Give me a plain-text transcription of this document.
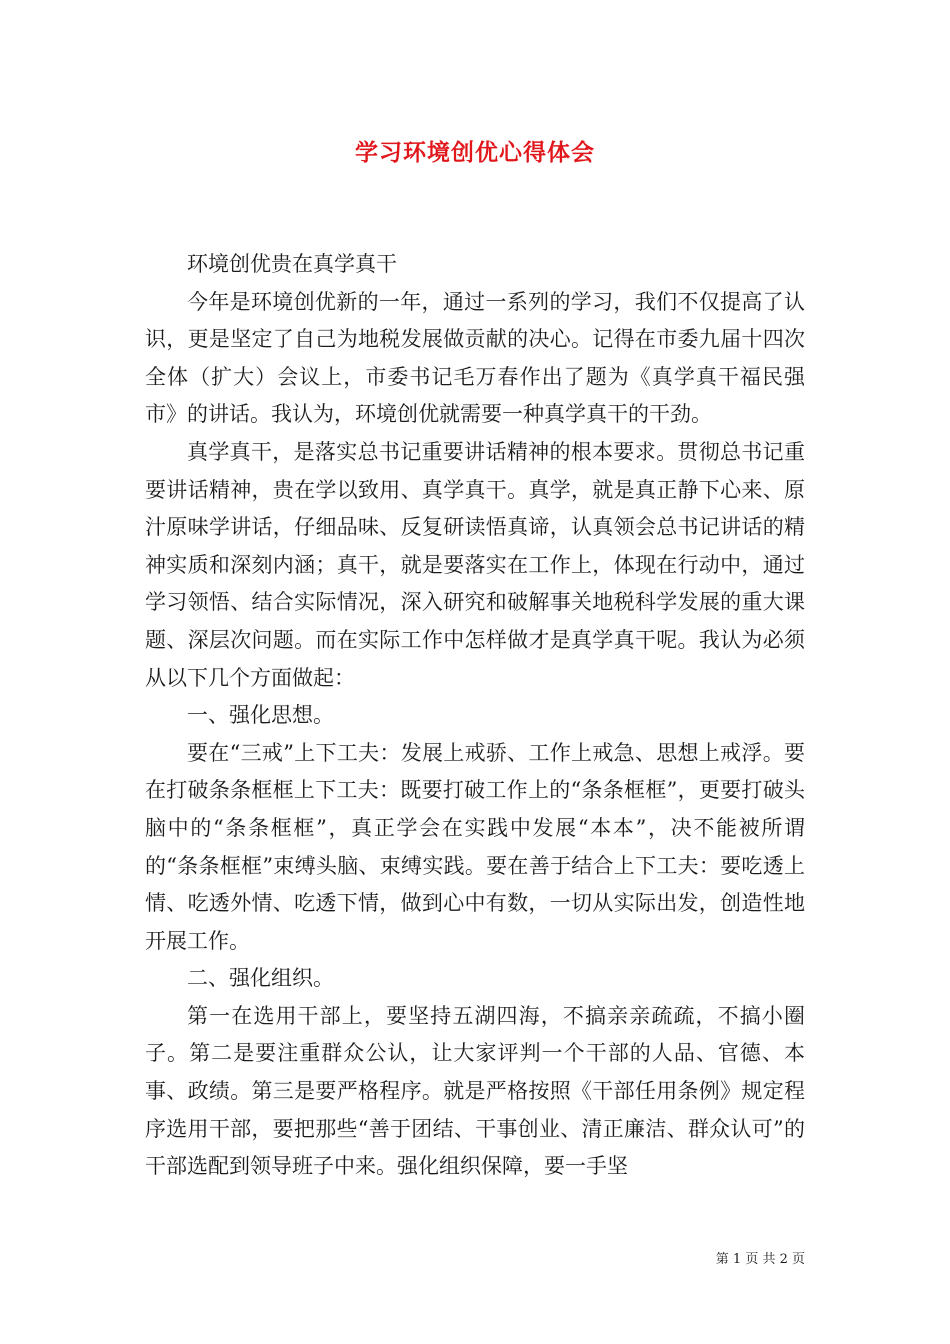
学习环境创优心得体会

环境创优贵在真学真干

今年是环境创优新的一年，通过一系列的学习，我们不仅提高了认识，更是坚定了自己为地税发展做贡献的决心。记得在市委九届十四次全体（扩大）会议上，市委书记毛万春作出了题为《真学真干福民强市》的讲话。我认为，环境创优就需要一种真学真干的干劲。

真学真干，是落实总书记重要讲话精神的根本要求。贯彻总书记重要讲话精神，贵在学以致用、真学真干。真学，就是真正静下心来、原汁原味学讲话，仔细品味、反复研读悟真谛，认真领会总书记讲话的精神实质和深刻内涵；真干，就是要落实在工作上，体现在行动中，通过学习领悟、结合实际情况，深入研究和破解事关地税科学发展的重大课题、深层次问题。而在实际工作中怎样做才是真学真干呢。我认为必须从以下几个方面做起：

一、强化思想。

要在“三戒”上下工夫：发展上戒骄、工作上戒急、思想上戒浮。要在打破条条框框上下工夫：既要打破工作上的“条条框框”，更要打破头脑中的“条条框框”，真正学会在实践中发展“本本”，决不能被所谓的“条条框框”束缚头脑、束缚实践。要在善于结合上下工夫：要吃透上情、吃透外情、吃透下情，做到心中有数，一切从实际出发，创造性地开展工作。

二、强化组织。

第一在选用干部上，要坚持五湖四海，不搞亲亲疏疏，不搞小圈子。第二是要注重群众公认，让大家评判一个干部的人品、官德、本事、政绩。第三是要严格程序。就是严格按照《干部任用条例》规定程序选用干部，要把那些“善于团结、干事创业、清正廉洁、群众认可”的干部选配到领导班子中来。强化组织保障，要一手坚

第 1 页 共 2 页
